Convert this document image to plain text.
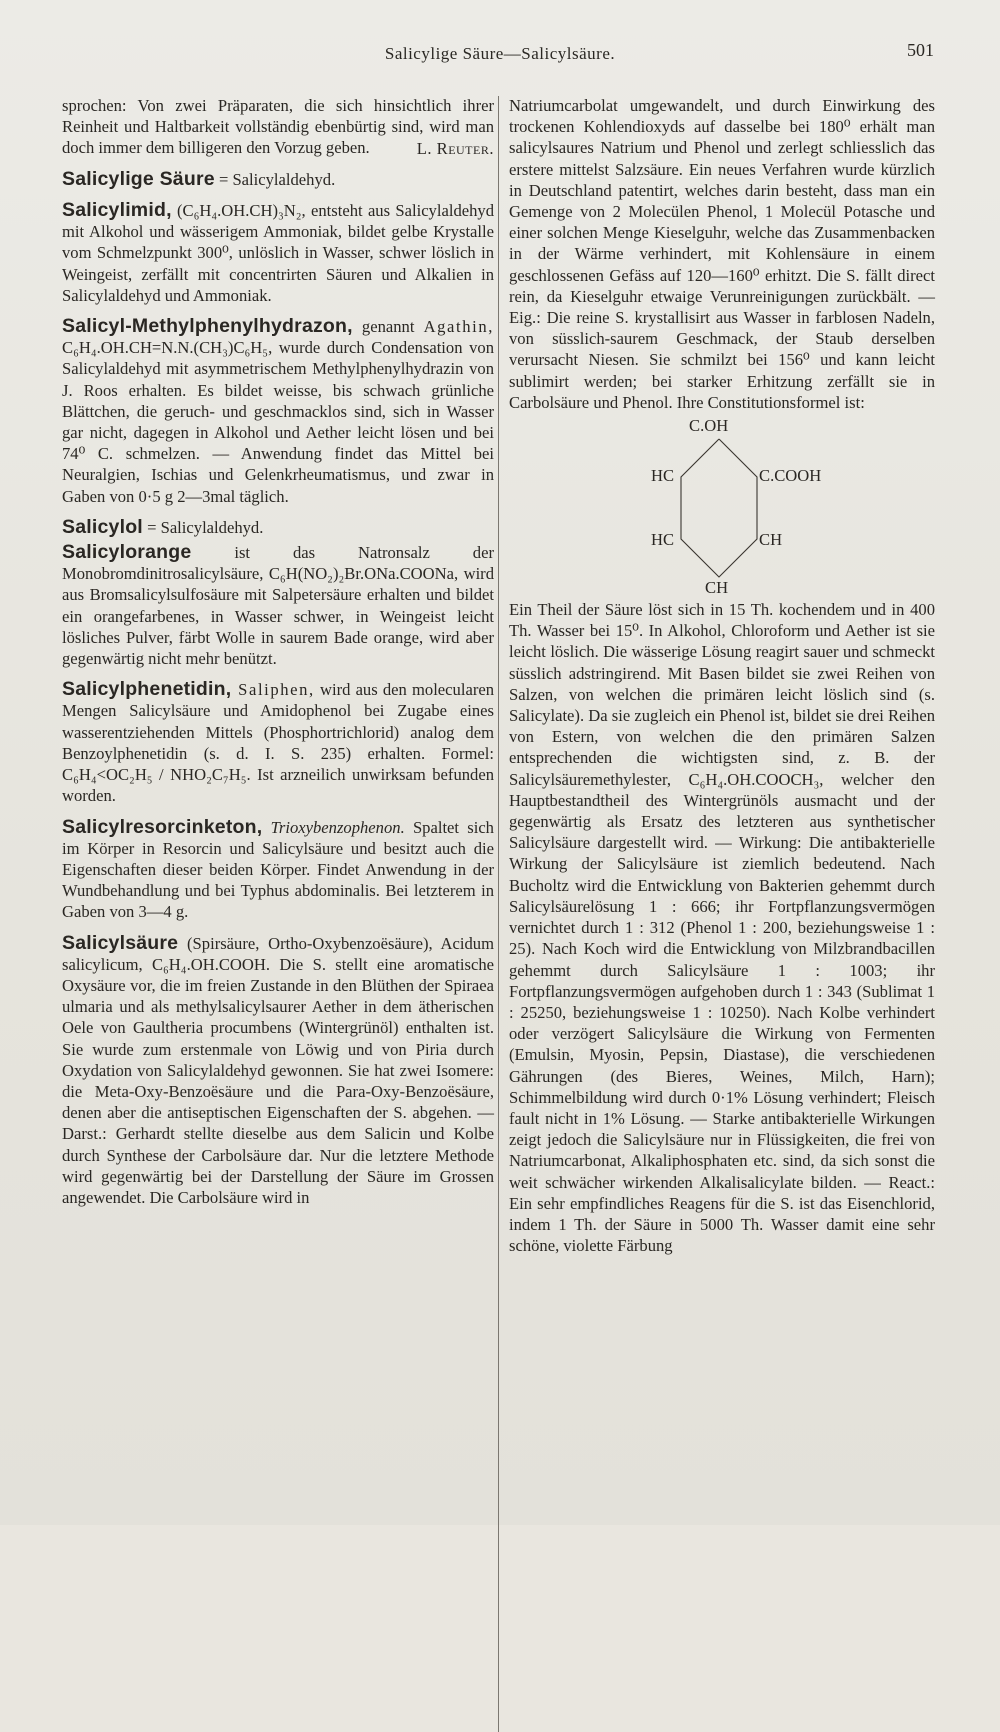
Salicylige Säure—Salicylsäure.	501

sprochen: Von zwei Präparaten, die sich hinsichtlich ihrer Reinheit und Haltbarkeit vollständig ebenbürtig sind, wird man doch immer dem billigeren den Vorzug geben.	L. Reuter.

Salicylige Säure = Salicylaldehyd.

Salicylimid, (C₆H₄.OH.CH)₃N₂, entsteht aus Salicylaldehyd mit Alkohol und wässerigem Ammoniak, bildet gelbe Krystalle vom Schmelzpunkt 300⁰, unlöslich in Wasser, schwer löslich in Weingeist, zerfällt mit concentrirten Säuren und Alkalien in Salicylaldehyd und Ammoniak.

Salicyl-Methylphenylhydrazon, genannt Agathin, C₆H₄.OH.CH=N.N.(CH₃)C₆H₅, wurde durch Condensation von Salicylaldehyd mit asymmetrischem Methylphenylhydrazin von J. Roos erhalten. Es bildet weisse, bis schwach grünliche Blättchen, die geruch- und geschmacklos sind, sich in Wasser gar nicht, dagegen in Alkohol und Aether leicht lösen und bei 74⁰ C. schmelzen. — Anwendung findet das Mittel bei Neuralgien, Ischias und Gelenkrheumatismus, und zwar in Gaben von 0·5 g 2—3mal täglich.

Salicylol = Salicylaldehyd.

Salicylorange ist das Natronsalz der Monobromdinitrosalicylsäure, C₆H(NO₂)₂Br.ONa.COONa, wird aus Bromsalicylsulfosäure mit Salpetersäure erhalten und bildet ein orangefarbenes, in Wasser schwer, in Weingeist leicht lösliches Pulver, färbt Wolle in saurem Bade orange, wird aber gegenwärtig nicht mehr benützt.

Salicylphenetidin, Saliphen, wird aus den molecularen Mengen Salicylsäure und Amidophenol bei Zugabe eines wasserentziehenden Mittels (Phosphortrichlorid) analog dem Benzoylphenetidin (s. d. I. S. 235) erhalten. Formel: C₆H₄<OC₂H₅ / NHO₂C₇H₅. Ist arzneilich unwirksam befunden worden.

Salicylresorcinketon, Trioxybenzophenon. Spaltet sich im Körper in Resorcin und Salicylsäure und besitzt auch die Eigenschaften dieser beiden Körper. Findet Anwendung in der Wundbehandlung und bei Typhus abdominalis. Bei letzterem in Gaben von 3—4 g.

Salicylsäure (Spirsäure, Ortho-Oxybenzoësäure), Acidum salicylicum, C₆H₄.OH.COOH. Die S. stellt eine aromatische Oxysäure vor, die im freien Zustande in den Blüthen der Spiraea ulmaria und als methylsalicylsaurer Aether in dem ätherischen Oele von Gaultheria procumbens (Wintergrünöl) enthalten ist. Sie wurde zum erstenmale von Löwig und von Piria durch Oxydation von Salicylaldehyd gewonnen. Sie hat zwei Isomere: die Meta-Oxy-Benzoësäure und die Para-Oxy-Benzoësäure, denen aber die antiseptischen Eigenschaften der S. abgehen. — Darst.: Gerhardt stellte dieselbe aus dem Salicin und Kolbe durch Synthese der Carbolsäure dar. Nur die letztere Methode wird gegenwärtig bei der Darstellung der Säure im Grossen angewendet. Die Carbolsäure wird in

Natriumcarbolat umgewandelt, und durch Einwirkung des trockenen Kohlendioxyds auf dasselbe bei 180⁰ erhält man salicylsaures Natrium und Phenol und zerlegt schliesslich das erstere mittelst Salzsäure. Ein neues Verfahren wurde kürzlich in Deutschland patentirt, welches darin besteht, dass man ein Gemenge von 2 Molecülen Phenol, 1 Molecül Potasche und einer solchen Menge Kieselguhr, welche das Zusammenbacken in der Wärme verhindert, mit Kohlensäure in einem geschlossenen Gefäss auf 120—160⁰ erhitzt. Die S. fällt direct rein, da Kieselguhr etwaige Verunreinigungen zurückbält. — Eig.: Die reine S. krystallisirt aus Wasser in farblosen Nadeln, von süsslich-saurem Geschmack, der Staub derselben verursacht Niesen. Sie schmilzt bei 156⁰ und kann leicht sublimirt werden; bei starker Erhitzung zerfällt sie in Carbolsäure und Phenol. Ihre Constitutionsformel ist:

C.OH
HC	C.COOH
HC	CH
CH

Ein Theil der Säure löst sich in 15 Th. kochendem und in 400 Th. Wasser bei 15⁰. In Alkohol, Chloroform und Aether ist sie leicht löslich. Die wässerige Lösung reagirt sauer und schmeckt süsslich adstringirend. Mit Basen bildet sie zwei Reihen von Salzen, von welchen die primären leicht löslich sind (s. Salicylate). Da sie zugleich ein Phenol ist, bildet sie drei Reihen von Estern, von welchen die den primären Salzen entsprechenden die wichtigsten sind, z. B. der Salicylsäuremethylester, C₆H₄.OH.COOCH₃, welcher den Hauptbestandtheil des Wintergrünöls ausmacht und der gegenwärtig als Ersatz des letzteren aus synthetischer Salicylsäure dargestellt wird. — Wirkung: Die antibakterielle Wirkung der Salicylsäure ist ziemlich bedeutend. Nach Bucholtz wird die Entwicklung von Bakterien gehemmt durch Salicylsäurelösung 1 : 666; ihr Fortpflanzungsvermögen vernichtet durch 1 : 312 (Phenol 1 : 200, beziehungsweise 1 : 25). Nach Koch wird die Entwicklung von Milzbrandbacillen gehemmt durch Salicylsäure 1 : 1003; ihr Fortpflanzungsvermögen aufgehoben durch 1 : 343 (Sublimat 1 : 25250, beziehungsweise 1 : 10250). Nach Kolbe verhindert oder verzögert Salicylsäure die Wirkung von Fermenten (Emulsin, Myosin, Pepsin, Diastase), die verschiedenen Gährungen (des Bieres, Weines, Milch, Harn); Schimmelbildung wird durch 0·1% Lösung verhindert; Fleisch fault nicht in 1% Lösung. — Starke antibakterielle Wirkungen zeigt jedoch die Salicylsäure nur in Flüssigkeiten, die frei von Natriumcarbonat, Alkaliphosphaten etc. sind, da sich sonst die weit schwächer wirkenden Alkalisalicylate bilden. — React.: Ein sehr empfindliches Reagens für die S. ist das Eisenchlorid, indem 1 Th. der Säure in 5000 Th. Wasser damit eine sehr schöne, violette Färbung
